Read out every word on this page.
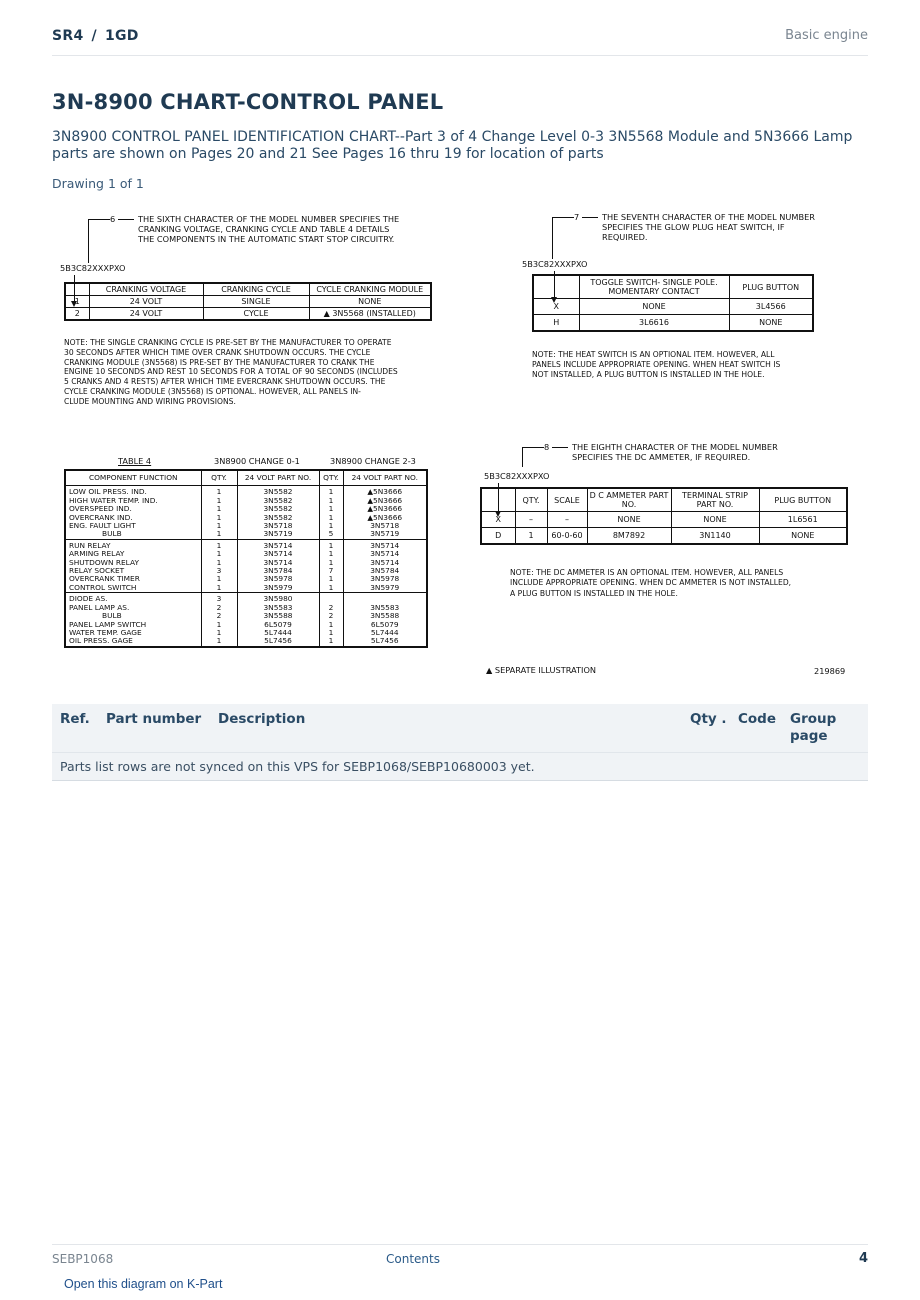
SR4 / 1GD	Basic engine
3N-8900 CHART-CONTROL PANEL
3N8900 CONTROL PANEL IDENTIFICATION CHART--Part 3 of 4 Change Level 0-3 3N5568 Module and 5N3666 Lamp parts are shown on Pages 20 and 21 See Pages 16 thru 19 for location of parts
Drawing 1 of 1
6	THE SIXTH CHARACTER OF THE MODEL NUMBER SPECIFIES THE
CRANKING VOLTAGE, CRANKING CYCLE AND TABLE 4 DETAILS
THE COMPONENTS IN THE AUTOMATIC START STOP CIRCUITRY.
5B3C82XXXPXO
	CRANKING VOLTAGE	CRANKING CYCLE	CYCLE CRANKING MODULE
1	24 VOLT	SINGLE	NONE
2	24 VOLT	CYCLE	▲ 3N5568 (INSTALLED)
NOTE: THE SINGLE CRANKING CYCLE IS PRE-SET BY THE MANUFACTURER TO OPERATE
30 SECONDS AFTER WHICH TIME OVER CRANK SHUTDOWN OCCURS. THE CYCLE
CRANKING MODULE (3N5568) IS PRE-SET BY THE MANUFACTURER TO CRANK THE
ENGINE 10 SECONDS AND REST 10 SECONDS FOR A TOTAL OF 90 SECONDS (INCLUDES
5 CRANKS AND 4 RESTS) AFTER WHICH TIME EVERCRANK SHUTDOWN OCCURS. THE
CYCLE CRANKING MODULE (3N5568) IS OPTIONAL. HOWEVER, ALL PANELS IN-
CLUDE MOUNTING AND WIRING PROVISIONS.
7	THE SEVENTH CHARACTER OF THE MODEL NUMBER
SPECIFIES THE GLOW PLUG HEAT SWITCH, IF
REQUIRED.
5B3C82XXXPXO
	TOGGLE SWITCH- SINGLE POLE. MOMENTARY CONTACT	PLUG BUTTON
X	NONE	3L4566
H	3L6616	NONE
NOTE: THE HEAT SWITCH IS AN OPTIONAL ITEM. HOWEVER, ALL
PANELS INCLUDE APPROPRIATE OPENING. WHEN HEAT SWITCH IS
NOT INSTALLED, A PLUG BUTTON IS INSTALLED IN THE HOLE.
TABLE 4	3N8900 CHANGE 0-1	3N8900 CHANGE 2-3
COMPONENT FUNCTION	QTY.	24 VOLT PART NO.	QTY.	24 VOLT PART NO.
LOW OIL PRESS. IND.	1	3N5582	1	▲5N3666
HIGH WATER TEMP. IND.	1	3N5582	1	▲5N3666
OVERSPEED IND.	1	3N5582	1	▲5N3666
OVERCRANK IND.	1	3N5582	1	▲5N3666
ENG. FAULT LIGHT	1	3N5718	1	3N5718
BULB	1	3N5719	5	3N5719
RUN RELAY	1	3N5714	1	3N5714
ARMING RELAY	1	3N5714	1	3N5714
SHUTDOWN RELAY	1	3N5714	1	3N5714
RELAY SOCKET	3	3N5784	7	3N5784
OVERCRANK TIMER	1	3N5978	1	3N5978
CONTROL SWITCH	1	3N5979	1	3N5979
DIODE AS.	3	3N5980		
PANEL LAMP AS.	2	3N5583	2	3N5583
BULB	2	3N5588	2	3N5588
PANEL LAMP SWITCH	1	6L5079	1	6L5079
WATER TEMP. GAGE	1	5L7444	1	5L7444
OIL PRESS. GAGE	1	5L7456	1	5L7456
8	THE EIGHTH CHARACTER OF THE MODEL NUMBER
SPECIFIES THE DC AMMETER, IF REQUIRED.
5B3C82XXXPXO
	QTY.	SCALE	D C AMMETER PART NO.	TERMINAL STRIP PART NO.	PLUG BUTTON
X	–	–	NONE	NONE	1L6561
D	1	60-0-60	8M7892	3N1140	NONE
NOTE: THE DC AMMETER IS AN OPTIONAL ITEM. HOWEVER, ALL PANELS
INCLUDE APPROPRIATE OPENING. WHEN DC AMMETER IS NOT INSTALLED,
A PLUG BUTTON IS INSTALLED IN THE HOLE.
▲ SEPARATE ILLUSTRATION	219869
Ref.	Part number	Description	Qty . Code	Group page
Parts list rows are not synced on this VPS for SEBP1068/SEBP10680003 yet.
SEBP1068	Contents	4
Open this diagram on K-Part
